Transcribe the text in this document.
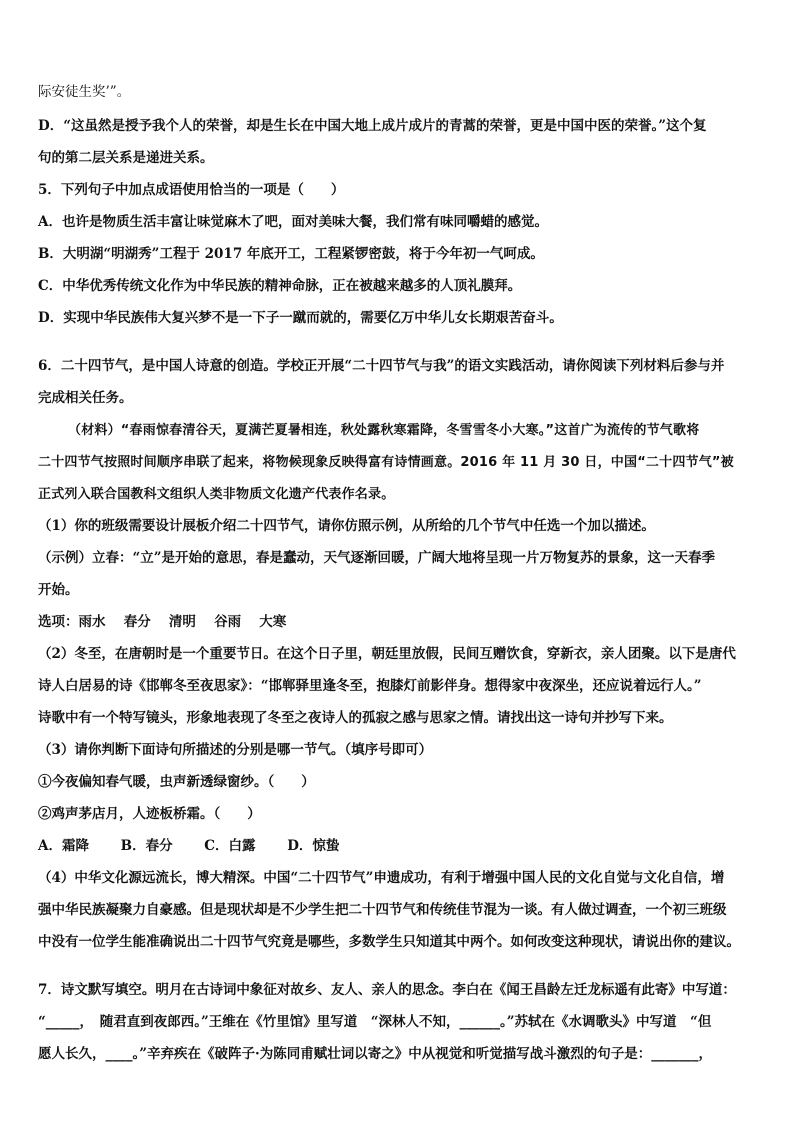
际安徒生奖’”。
D．“这虽然是授予我个人的荣誉，却是生长在中国大地上成片成片的青蒿的荣誉，更是中国中医的荣誉。”这个复
句的第二层关系是递进关系。
5．下列句子中加点成语使用恰当的一项是（　　）
A．也许是物质生活丰富让味觉麻木了吧，面对美味大餐，我们常有味同嚼蜡的感觉。
B．大明湖“明湖秀”工程于 2017 年底开工，工程紧锣密鼓，将于今年初一气呵成。
C．中华优秀传统文化作为中华民族的精神命脉，正在被越来越多的人顶礼膜拜。
D．实现中华民族伟大复兴梦不是一下子一蹴而就的，需要亿万中华儿女长期艰苦奋斗。
6．二十四节气，是中国人诗意的创造。学校正开展“二十四节气与我”的语文实践活动，请你阅读下列材料后参与并
完成相关任务。
（材料）“春雨惊春清谷天，夏满芒夏暑相连，秋处露秋寒霜降，冬雪雪冬小大寒。”这首广为流传的节气歌将
二十四节气按照时间顺序串联了起来，将物候现象反映得富有诗情画意。2016 年 11 月 30 日，中国“二十四节气”被
正式列入联合国教科文组织人类非物质文化遗产代表作名录。
（1）你的班级需要设计展板介绍二十四节气，请你仿照示例，从所给的几个节气中任选一个加以描述。
（示例）立春：“立”是开始的意思，春是蠢动，天气逐渐回暖，广阔大地将呈现一片万物复苏的景象，这一天春季
开始。
选项：雨水　 春分　 清明　 谷雨　 大寒
（2）冬至，在唐朝时是一个重要节日。在这个日子里，朝廷里放假，民间互赠饮食，穿新衣，亲人团聚。以下是唐代
诗人白居易的诗《邯郸冬至夜思家》：“邯郸驿里逢冬至，抱膝灯前影伴身。想得家中夜深坐，还应说着远行人。”
诗歌中有一个特写镜头，形象地表现了冬至之夜诗人的孤寂之感与思家之情。请找出这一诗句并抄写下来。
（3）请你判断下面诗句所描述的分别是哪一节气。（填序号即可）
①今夜偏知春气暖，虫声新透绿窗纱。（　　）
②鸡声茅店月，人迹板桥霜。（　　）
A．霜降　　 B．春分　　 C．白露　　 D．惊蛰
（4）中华文化源远流长，博大精深。中国“二十四节气”申遗成功，有利于增强中国人民的文化自觉与文化自信，增
强中华民族凝聚力自豪感。但是现状却是不少学生把二十四节气和传统佳节混为一谈。有人做过调查，一个初三班级
中没有一位学生能准确说出二十四节气究竟是哪些，多数学生只知道其中两个。如何改变这种现状，请说出你的建议。
7．诗文默写填空。明月在古诗词中象征对故乡、友人、亲人的思念。李白在《闻王昌龄左迁龙标遥有此寄》中写道：
“_____，　随君直到夜郎西。”王维在《竹里馆》里写道　“深林人不知，______。”苏轼在《水调歌头》中写道　“但
愿人长久，____。”辛弃疾在《破阵子·为陈同甫赋壮词以寄之》中从视觉和听觉描写战斗激烈的句子是：_______，
